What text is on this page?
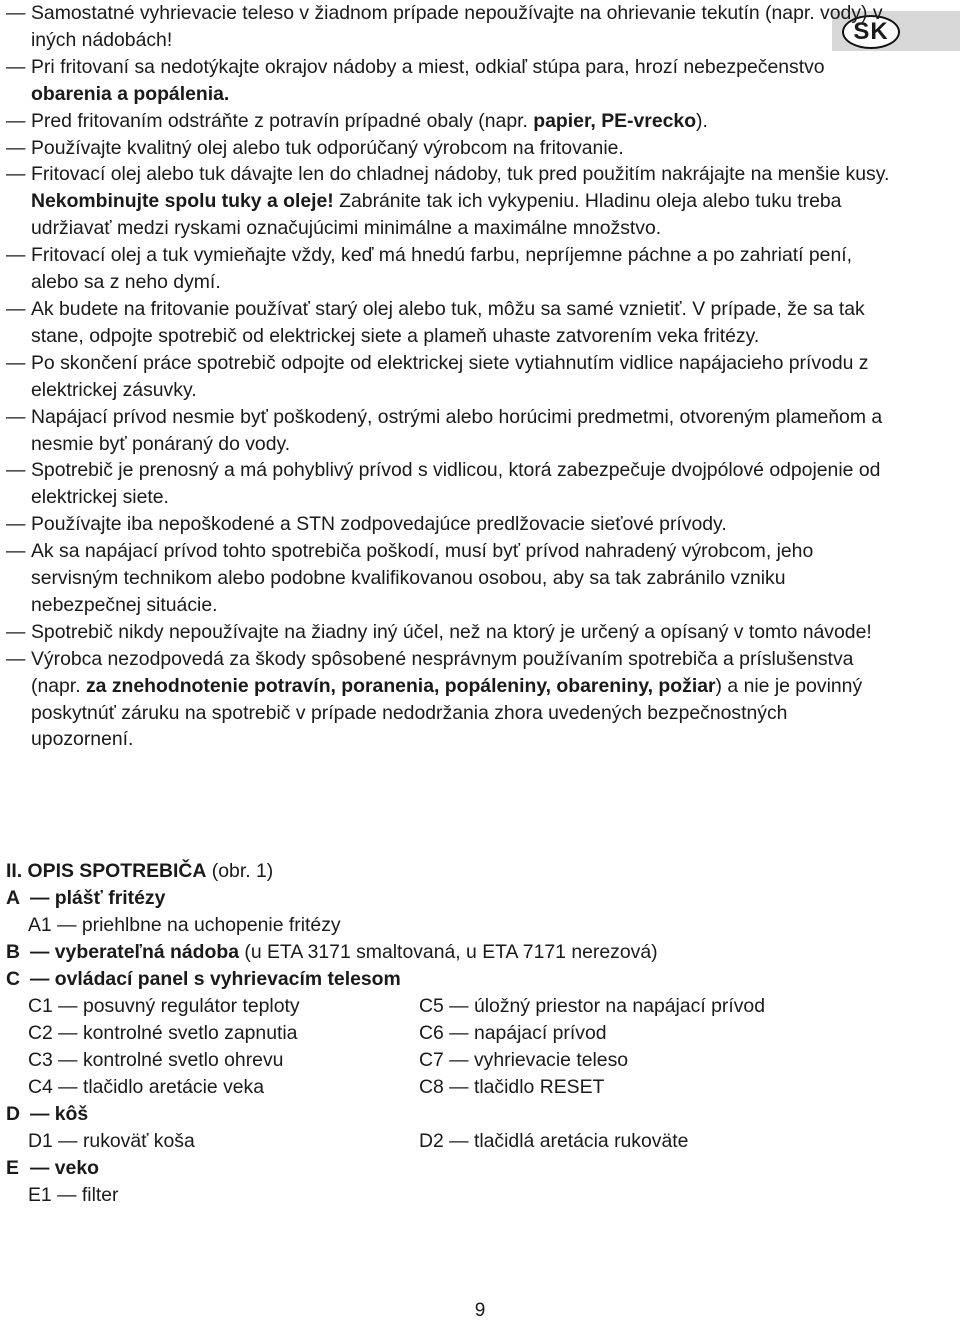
SK
— Samostatné vyhrievacie teleso v žiadnom prípade nepoužívajte na ohrievanie tekutín (napr. vody) v iných nádobách!
— Pri fritovaní sa nedotýkajte okrajov nádoby a miest, odkiaľ stúpa para, hrozí nebezpečenstvo obarenia a popálenia.
— Pred fritovaním odstráňte z potravín prípadné obaly (napr. papier, PE-vrecko).
— Používajte kvalitný olej alebo tuk odporúčaný výrobcom na fritovanie.
— Fritovací olej alebo tuk dávajte len do chladnej nádoby, tuk pred použitím nakrájajte na menšie kusy. Nekombinujte spolu tuky a oleje! Zabránite tak ich vykypeniu. Hladinu oleja alebo tuku treba udržiavať medzi ryskami označujúcimi minimálne a maximálne množstvo.
— Fritovací olej a tuk vymieňajte vždy, keď má hnedú farbu, nepríjemne páchne a po zahriatí pení, alebo sa z neho dymí.
— Ak budete na fritovanie používať starý olej alebo tuk, môžu sa samé vznietiť. V prípade, že sa tak stane, odpojte spotrebič od elektrickej siete a plameň uhaste zatvorením veka fritézy.
— Po skončení práce spotrebič odpojte od elektrickej siete vytiahnutím vidlice napájacieho prívodu z elektrickej zásuvky.
— Napájací prívod nesmie byť poškodený, ostrými alebo horúcimi predmetmi, otvoreným plameňom a nesmie byť ponáraný do vody.
— Spotrebič je prenosný a má pohyblivý prívod s vidlicou, ktorá zabezpečuje dvojpólové odpojenie od elektrickej siete.
— Používajte iba nepoškodené a STN zodpovedajúce predlžovacie sieťové prívody.
— Ak sa napájací prívod tohto spotrebiča poškodí, musí byť prívod nahradený výrobcom, jeho servisným technikom alebo podobne kvalifikovanou osobou, aby sa tak zabránilo vzniku nebezpečnej situácie.
— Spotrebič nikdy nepoužívajte na žiadny iný účel, než na ktorý je určený a opísaný v tomto návode!
— Výrobca nezodpovedá za škody spôsobené nesprávnym používaním spotrebiča a príslušenstva (napr. za znehodnotenie potravín, poranenia, popáleniny, obareniny, požiar) a nie je povinný poskytnúť záruku na spotrebič v prípade nedodržania zhora uvedených bezpečnostných upozornení.
II. OPIS SPOTREBIČA (obr. 1)
A — plášť fritézy
A1 — priehlbne na uchopenie fritézy
B — vyberateľná nádoba (u ETA 3171 smaltovaná, u ETA 7171 nerezová)
C — ovládací panel s vyhrievacím telesom
C1 — posuvný regulátor teploty	C5 — úložný priestor na napájací prívod
C2 — kontrolné svetlo zapnutia	C6 — napájací prívod
C3 — kontrolné svetlo ohrevu	C7 — vyhrievacie teleso
C4 — tlačidlo aretácie veka	C8 — tlačidlo RESET
D — kôš
D1 — rukoväť koša	D2 — tlačidlá aretácia rukoväte
E — veko
E1 — filter
9
